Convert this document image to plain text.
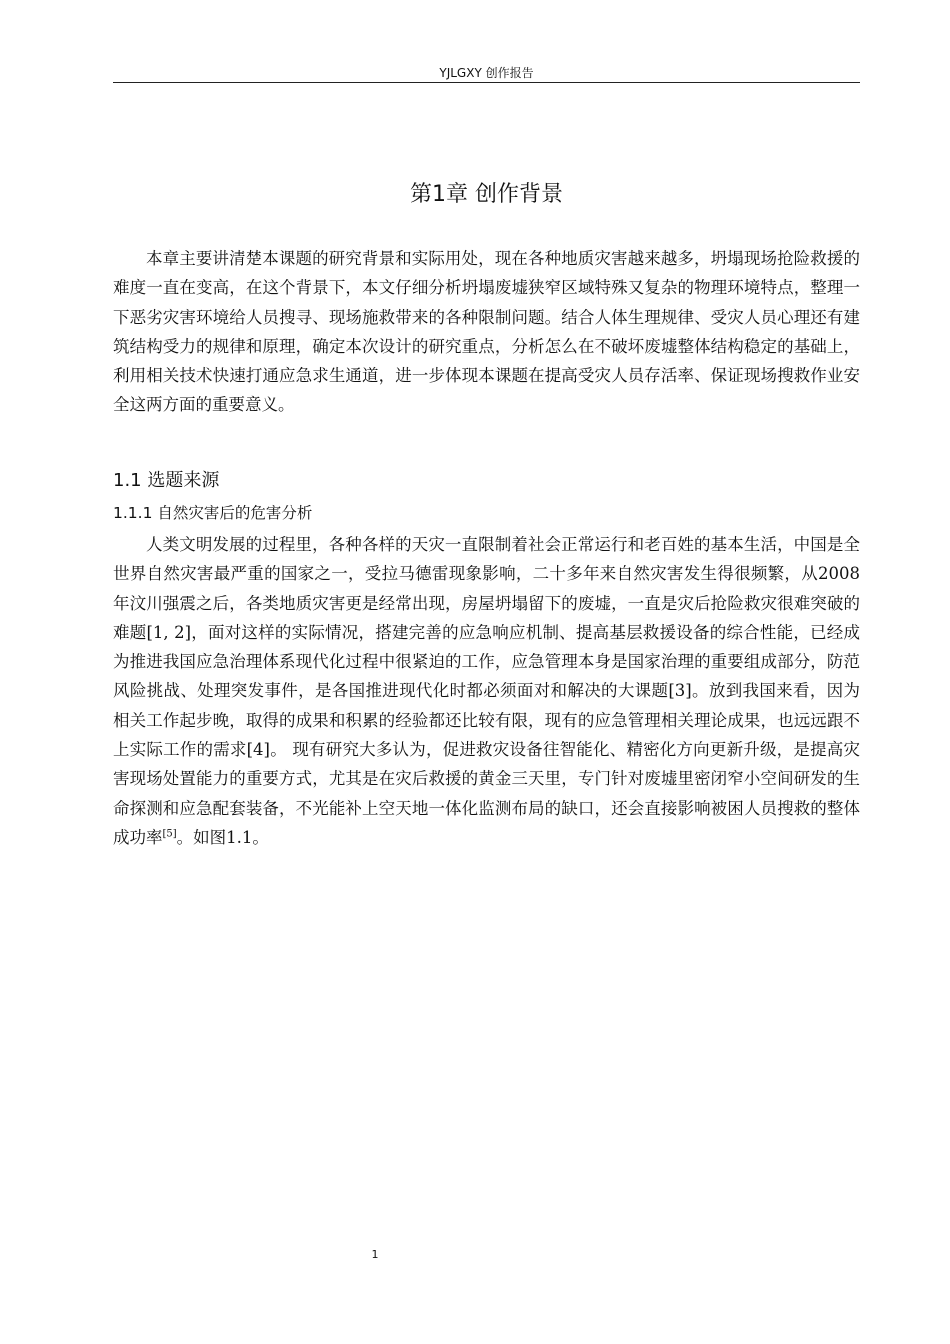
YJLGXY 创作报告
第1章 创作背景

本章主要讲清楚本课题的研究背景和实际用处，现在各种地质灾害越来越多，坍塌现场抢险救援的难度一直在变高，在这个背景下，本文仔细分析坍塌废墟狭窄区域特殊又复杂的物理环境特点，整理一下恶劣灾害环境给人员搜寻、现场施救带来的各种限制问题。结合人体生理规律、受灾人员心理还有建筑结构受力的规律和原理，确定本次设计的研究重点，分析怎么在不破坏废墟整体结构稳定的基础上，利用相关技术快速打通应急求生通道，进一步体现本课题在提高受灾人员存活率、保证现场搜救作业安全这两方面的重要意义。

1.1 选题来源
1.1.1 自然灾害后的危害分析

人类文明发展的过程里，各种各样的天灾一直限制着社会正常运行和老百姓的基本生活，中国是全世界自然灾害最严重的国家之一，受拉马德雷现象影响，二十多年来自然灾害发生得很频繁，从2008年汶川强震之后，各类地质灾害更是经常出现，房屋坍塌留下的废墟，一直是灾后抢险救灾很难突破的难题[1, 2]，面对这样的实际情况，搭建完善的应急响应机制、提高基层救援设备的综合性能，已经成为推进我国应急治理体系现代化过程中很紧迫的工作，应急管理本身是国家治理的重要组成部分，防范风险挑战、处理突发事件，是各国推进现代化时都必须面对和解决的大课题[3]。放到我国来看，因为相关工作起步晚，取得的成果和积累的经验都还比较有限，现有的应急管理相关理论成果，也远远跟不上实际工作的需求[4]。 现有研究大多认为，促进救灾设备往智能化、精密化方向更新升级，是提高灾害现场处置能力的重要方式，尤其是在灾后救援的黄金三天里，专门针对废墟里密闭窄小空间研发的生命探测和应急配套装备，不光能补上空天地一体化监测布局的缺口，还会直接影响被困人员搜救的整体成功率[5]。如图1.1。

1
